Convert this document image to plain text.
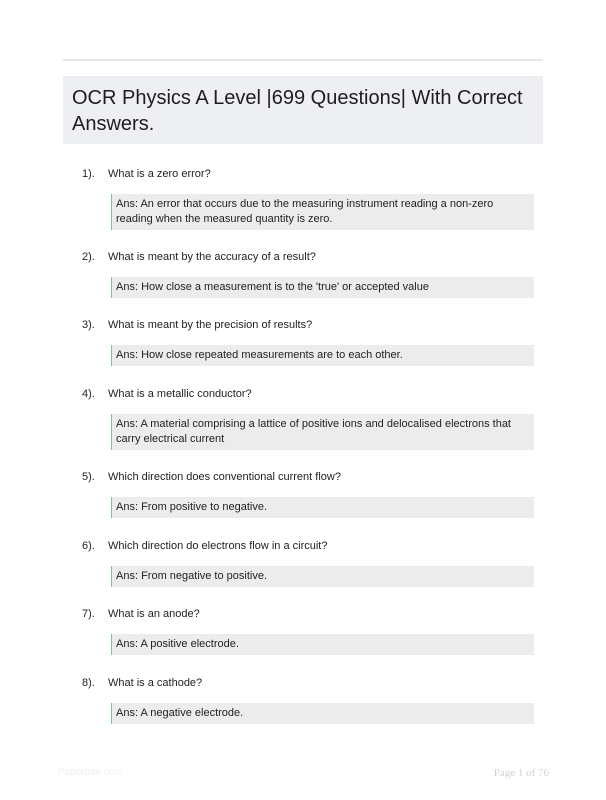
OCR Physics A Level |699 Questions| With Correct Answers.
1).	What is a zero error?
Ans: An error that occurs due to the measuring instrument reading a non-zero reading when the measured quantity is zero.
2).	What is meant by the accuracy of a result?
Ans: How close a measurement is to the 'true' or accepted value
3).	What is meant by the precision of results?
Ans: How close repeated measurements are to each other.
4).	What is a metallic conductor?
Ans: A material comprising a lattice of positive ions and delocalised electrons that carry electrical current
5).	Which direction does conventional current flow?
Ans: From positive to negative.
6).	Which direction do electrons flow in a circuit?
Ans: From negative to positive.
7).	What is an anode?
Ans: A positive electrode.
8).	What is a cathode?
Ans: A negative electrode.
Paperbite.com	Page 1 of 76
